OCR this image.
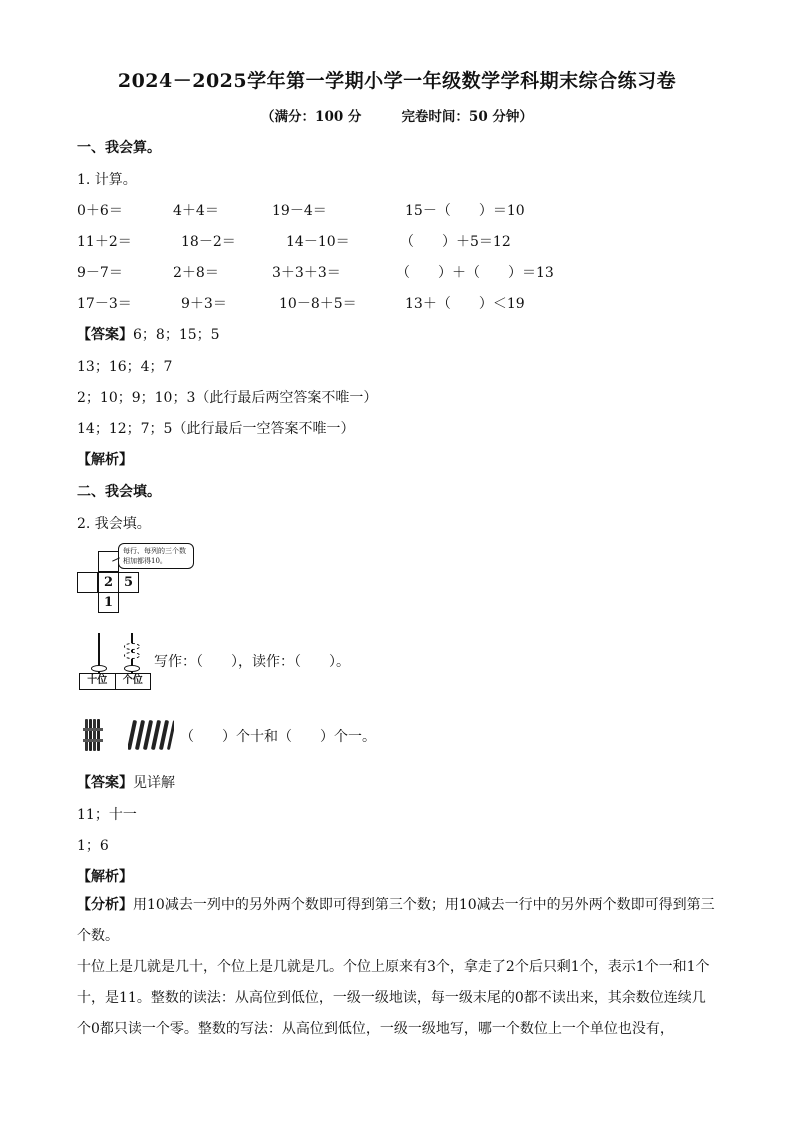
2024－2025学年第一学期小学一年级数学学科期末综合练习卷
（满分：100 分	完卷时间：50 分钟）
一、我会算。
1. 计算。
0＋6＝	4＋4＝	19－4＝	15－（　　）＝10
11＋2＝	18－2＝	14－10＝	（　　）＋5＝12
9－7＝	2＋8＝	3＋3＋3＝	（　　）＋（　　）＝13
17－3＝	9＋3＝	10－8＋5＝	13＋（　　）＜19
【答案】6；8；15；5
13；16；4；7
2；10；9；10；3（此行最后两空答案不唯一）
14；12；7；5（此行最后一空答案不唯一）
【解析】
二、我会填。
2. 我会填。
每行、每列的三个数相加都得10。
2 5
1
十位	个位
写作：（　　），读作：（　　）。
（　　）个十和（　　）个一。
【答案】见详解
11；十一
1；6
【解析】
【分析】用10减去一列中的另外两个数即可得到第三个数；用10减去一行中的另外两个数即可得到第三个数。
十位上是几就是几十，个位上是几就是几。个位上原来有3个，拿走了2个后只剩1个，表示1个一和1个十，是11。整数的读法：从高位到低位，一级一级地读，每一级末尾的0都不读出来，其余数位连续几个0都只读一个零。整数的写法：从高位到低位，一级一级地写，哪一个数位上一个单位也没有，
